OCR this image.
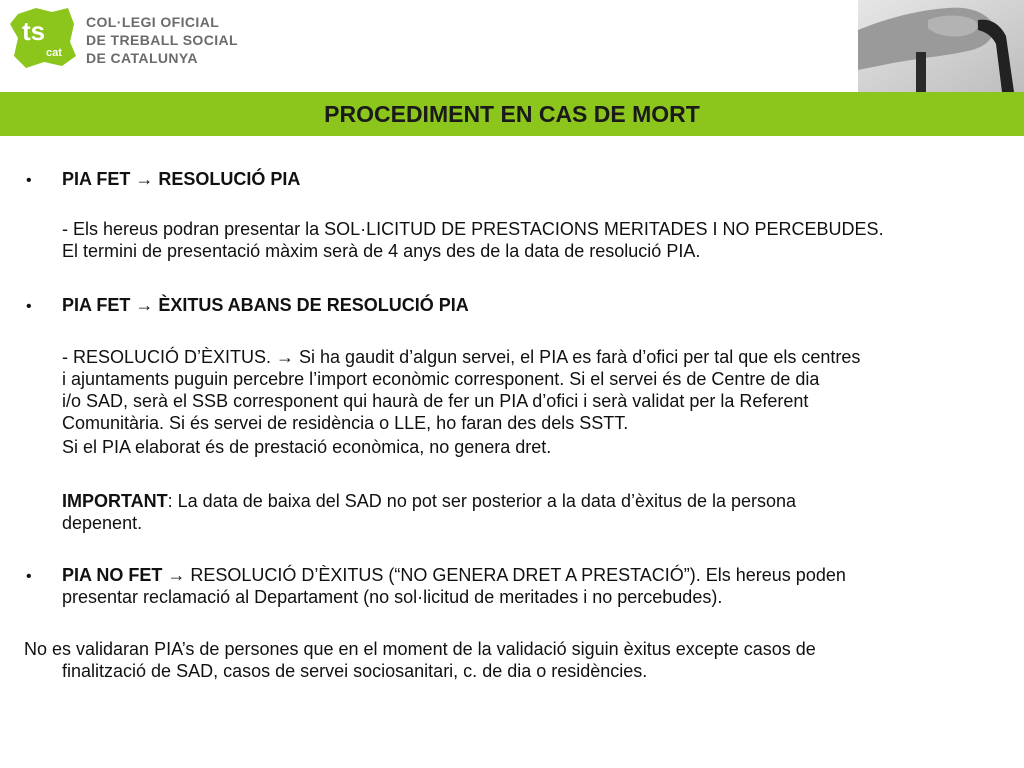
ts
cat
COL·LEGI OFICIAL
DE TREBALL SOCIAL
DE CATALUNYA
PROCEDIMENT EN CAS DE MORT
• PIA FET → RESOLUCIÓ PIA
- Els hereus podran presentar la SOL·LICITUD DE PRESTACIONS MERITADES I NO PERCEBUDES.
El termini de presentació màxim serà de 4 anys des de la data de resolució PIA.
• PIA FET → ÈXITUS ABANS DE RESOLUCIÓ PIA
- RESOLUCIÓ D’ÈXITUS. → Si ha gaudit d’algun servei, el PIA es farà d’ofici per tal que els centres
i ajuntaments puguin percebre l’import econòmic corresponent. Si el servei és de Centre de dia
i/o SAD, serà el SSB corresponent qui haurà de fer un PIA d’ofici i serà validat per la Referent
Comunitària. Si és servei de residència o LLE, ho faran des dels SSTT.
Si el PIA elaborat és de prestació econòmica, no genera dret.
IMPORTANT: La data de baixa del SAD no pot ser posterior a la data d’èxitus de la persona
depenent.
• PIA NO FET → RESOLUCIÓ D’ÈXITUS (“NO GENERA DRET A PRESTACIÓ”). Els hereus poden
presentar reclamació al Departament (no sol·licitud de meritades i no percebudes).
No es validaran PIA’s de persones que en el moment de la validació siguin èxitus excepte casos de
finalització de SAD, casos de servei sociosanitari, c. de dia o residències.
